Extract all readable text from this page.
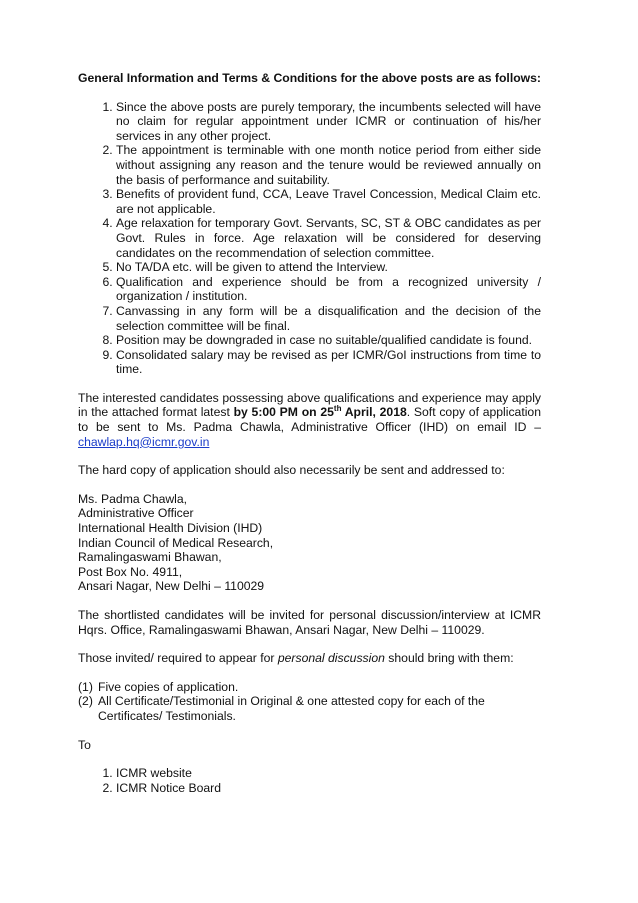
General Information and Terms & Conditions for the above posts are as follows:
1. Since the above posts are purely temporary, the incumbents selected will have no claim for regular appointment under ICMR or continuation of his/her services in any other project.
2. The appointment is terminable with one month notice period from either side without assigning any reason and the tenure would be reviewed annually on the basis of performance and suitability.
3. Benefits of provident fund, CCA, Leave Travel Concession, Medical Claim etc. are not applicable.
4. Age relaxation for temporary Govt. Servants, SC, ST & OBC candidates as per Govt. Rules in force. Age relaxation will be considered for deserving candidates on the recommendation of selection committee.
5. No TA/DA etc. will be given to attend the Interview.
6. Qualification and experience should be from a recognized university / organization / institution.
7. Canvassing in any form will be a disqualification and the decision of the selection committee will be final.
8. Position may be downgraded in case no suitable/qualified candidate is found.
9. Consolidated salary may be revised as per ICMR/GoI instructions from time to time.

The interested candidates possessing above qualifications and experience may apply in the attached format latest by 5:00 PM on 25th April, 2018. Soft copy of application to be sent to Ms. Padma Chawla, Administrative Officer (IHD) on email ID – chawlap.hq@icmr.gov.in

The hard copy of application should also necessarily be sent and addressed to:

Ms. Padma Chawla,
Administrative Officer
International Health Division (IHD)
Indian Council of Medical Research,
Ramalingaswami Bhawan,
Post Box No. 4911,
Ansari Nagar, New Delhi – 110029

The shortlisted candidates will be invited for personal discussion/interview at ICMR Hqrs. Office, Ramalingaswami Bhawan, Ansari Nagar, New Delhi – 110029.

Those invited/ required to appear for personal discussion should bring with them:

(1) Five copies of application.
(2) All Certificate/Testimonial in Original & one attested copy for each of the Certificates/ Testimonials.

To

1. ICMR website
2. ICMR Notice Board
